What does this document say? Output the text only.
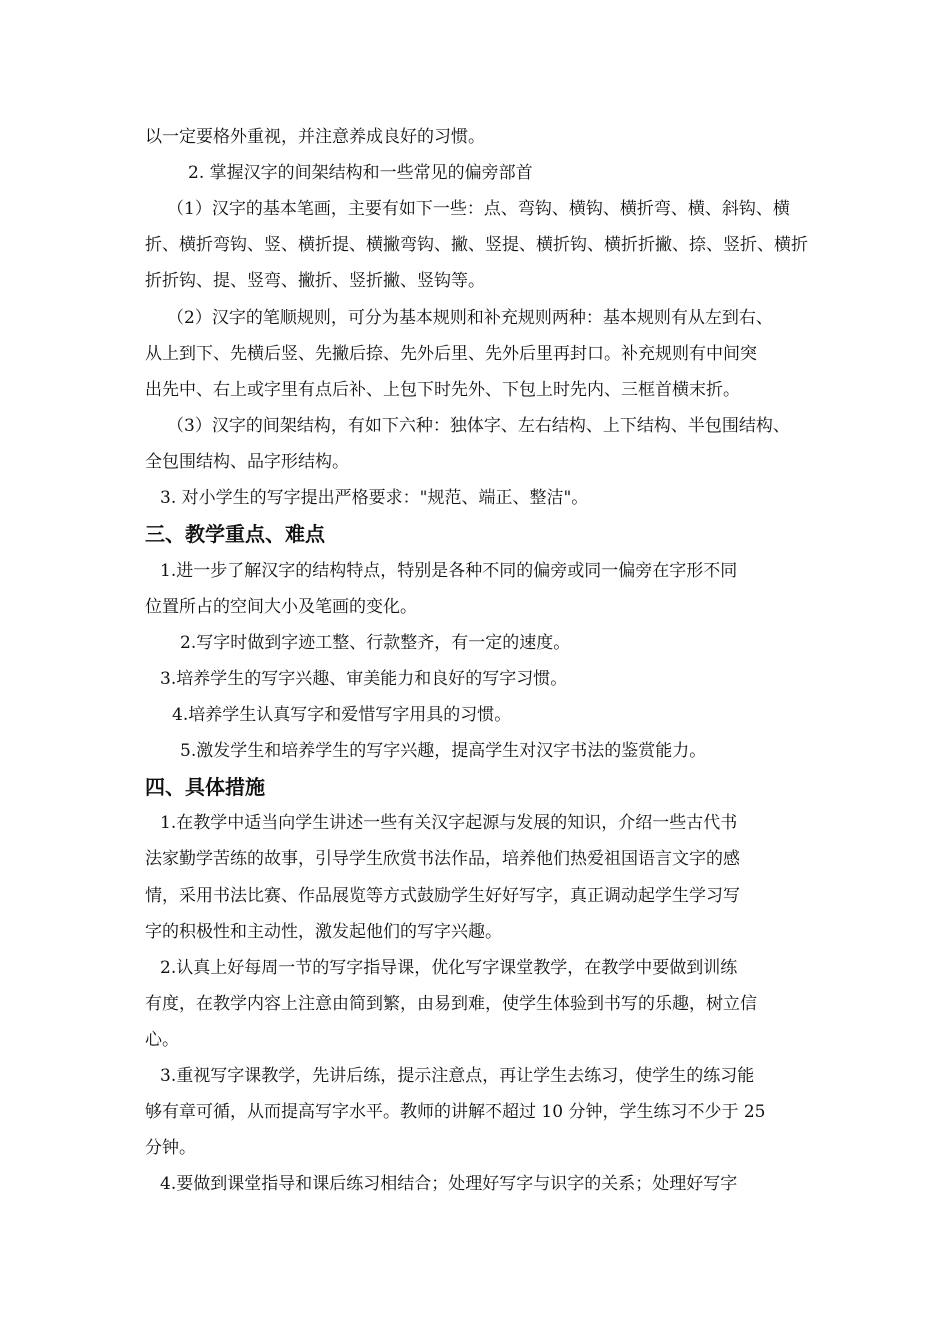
以一定要格外重视，并注意养成良好的习惯。
2. 掌握汉字的间架结构和一些常见的偏旁部首
（1）汉字的基本笔画，主要有如下一些：点、弯钩、横钩、横折弯、横、斜钩、横
折、横折弯钩、竖、横折提、横撇弯钩、撇、竖提、横折钩、横折折撇、捺、竖折、横折
折折钩、提、竖弯、撇折、竖折撇、竖钩等。
（2）汉字的笔顺规则，可分为基本规则和补充规则两种：基本规则有从左到右、
从上到下、先横后竖、先撇后捺、先外后里、先外后里再封口。补充规则有中间突
出先中、右上或字里有点后补、上包下时先外、下包上时先内、三框首横末折。
（3）汉字的间架结构，有如下六种：独体字、左右结构、上下结构、半包围结构、
全包围结构、品字形结构。
3. 对小学生的写字提出严格要求："规范、端正、整洁"。
三、教学重点、难点
1.进一步了解汉字的结构特点，特别是各种不同的偏旁或同一偏旁在字形不同
位置所占的空间大小及笔画的变化。
2.写字时做到字迹工整、行款整齐，有一定的速度。
3.培养学生的写字兴趣、审美能力和良好的写字习惯。
4.培养学生认真写字和爱惜写字用具的习惯。
5.激发学生和培养学生的写字兴趣，提高学生对汉字书法的鉴赏能力。
四、具体措施
1.在教学中适当向学生讲述一些有关汉字起源与发展的知识，介绍一些古代书
法家勤学苦练的故事，引导学生欣赏书法作品，培养他们热爱祖国语言文字的感
情，采用书法比赛、作品展览等方式鼓励学生好好写字，真正调动起学生学习写
字的积极性和主动性，激发起他们的写字兴趣。
2.认真上好每周一节的写字指导课，优化写字课堂教学，在教学中要做到训练
有度，在教学内容上注意由简到繁，由易到难，使学生体验到书写的乐趣，树立信
心。
3.重视写字课教学，先讲后练，提示注意点，再让学生去练习，使学生的练习能
够有章可循，从而提高写字水平。教师的讲解不超过 10 分钟，学生练习不少于 25
分钟。
4.要做到课堂指导和课后练习相结合；处理好写字与识字的关系；处理好写字
